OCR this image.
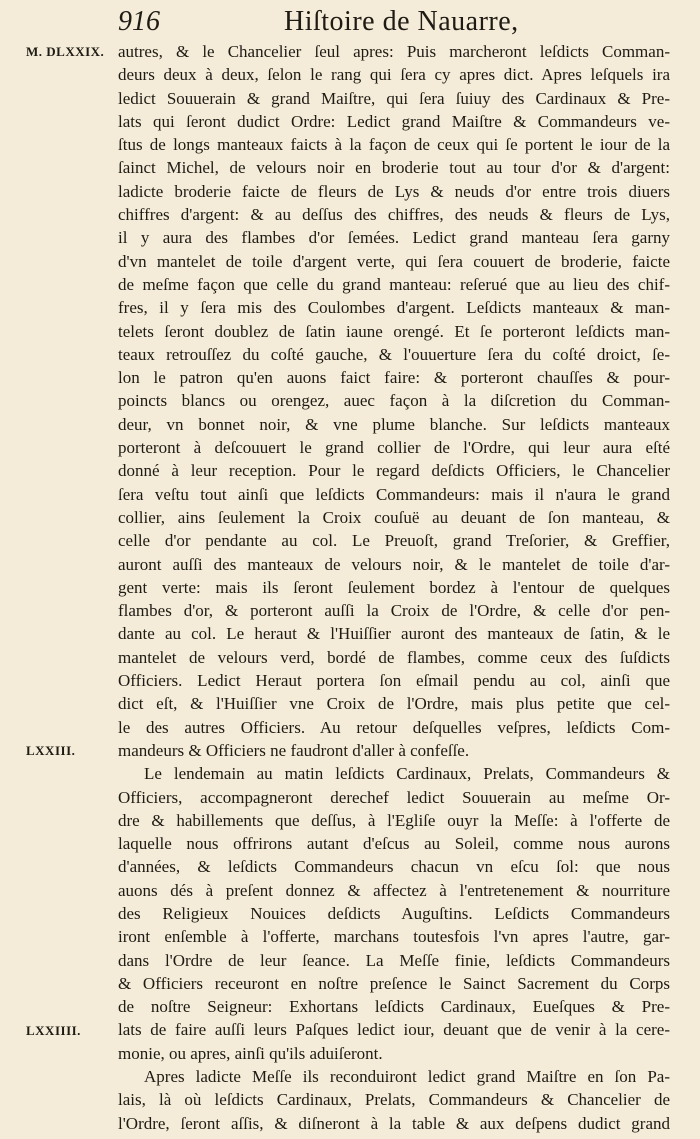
916	Hiſtoire de Nauarre,
M. DLXXIX.
LXXIII.
LXXIIII.
autres, & le Chancelier ſeul apres: Puis marcheront leſdicts Comman-
deurs deux à deux, ſelon le rang qui ſera cy apres dict. Apres leſquels ira
ledict Souuerain & grand Maiſtre, qui ſera ſuiuy des Cardinaux & Pre-
lats qui ſeront dudict Ordre: Ledict grand Maiſtre & Commandeurs ve-
ſtus de longs manteaux faicts à la façon de ceux qui ſe portent le iour de la
ſainct Michel, de velours noir en broderie tout au tour d'or & d'argent:
ladicte broderie faicte de fleurs de Lys & neuds d'or entre trois diuers
chiffres d'argent: & au deſſus des chiffres, des neuds & fleurs de Lys,
il y aura des flambes d'or ſemées. Ledict grand manteau ſera garny
d'vn mantelet de toile d'argent verte, qui ſera couuert de broderie, faicte
de meſme façon que celle du grand manteau: reſerué que au lieu des chif-
fres, il y ſera mis des Coulombes d'argent. Leſdicts manteaux & man-
telets ſeront doublez de ſatin iaune orengé. Et ſe porteront leſdicts man-
teaux retrouſſez du coſté gauche, & l'ouuerture ſera du coſté droict, ſe-
lon le patron qu'en auons faict faire: & porteront chauſſes & pour-
poincts blancs ou orengez, auec façon à la diſcretion du Comman-
deur, vn bonnet noir, & vne plume blanche. Sur leſdicts manteaux
porteront à deſcouuert le grand collier de l'Ordre, qui leur aura eſté
donné à leur reception. Pour le regard deſdicts Officiers, le Chancelier
ſera veſtu tout ainſi que leſdicts Commandeurs: mais il n'aura le grand
collier, ains ſeulement la Croix couſuë au deuant de ſon manteau, &
celle d'or pendante au col. Le Preuoſt, grand Treſorier, & Greffier,
auront auſſi des manteaux de velours noir, & le mantelet de toile d'ar-
gent verte: mais ils ſeront ſeulement bordez à l'entour de quelques
flambes d'or, & porteront auſſi la Croix de l'Ordre, & celle d'or pen-
dante au col. Le heraut & l'Huiſſier auront des manteaux de ſatin, & le
mantelet de velours verd, bordé de flambes, comme ceux des ſuſdicts
Officiers. Ledict Heraut portera ſon eſmail pendu au col, ainſi que
dict eſt, & l'Huiſſier vne Croix de l'Ordre, mais plus petite que cel-
le des autres Officiers. Au retour deſquelles veſpres, leſdicts Com-
mandeurs & Officiers ne faudront d'aller à confeſſe.
Le lendemain au matin leſdicts Cardinaux, Prelats, Commandeurs &
Officiers, accompagneront derechef ledict Souuerain au meſme Or-
dre & habillements que deſſus, à l'Egliſe ouyr la Meſſe: à l'offerte de
laquelle nous offrirons autant d'eſcus au Soleil, comme nous aurons
d'années, & leſdicts Commandeurs chacun vn eſcu ſol: que nous
auons dés à preſent donnez & affectez à l'entretenement & nourriture
des Religieux Nouices deſdicts Auguſtins. Leſdicts Commandeurs
iront enſemble à l'offerte, marchans toutesfois l'vn apres l'autre, gar-
dans l'Ordre de leur ſeance. La Meſſe finie, leſdicts Commandeurs
& Officiers receuront en noſtre preſence le Sainct Sacrement du Corps
de noſtre Seigneur: Exhortans leſdicts Cardinaux, Eueſques & Pre-
lats de faire auſſi leurs Paſques ledict iour, deuant que de venir à la cere-
monie, ou apres, ainſi qu'ils aduiſeront.
Apres ladicte Meſſe ils reconduiront ledict grand Maiſtre en ſon Pa-
lais, là où leſdicts Cardinaux, Prelats, Commandeurs & Chancelier de
l'Ordre, ſeront aſſis, & diſneront à la table & aux deſpens dudict grand
